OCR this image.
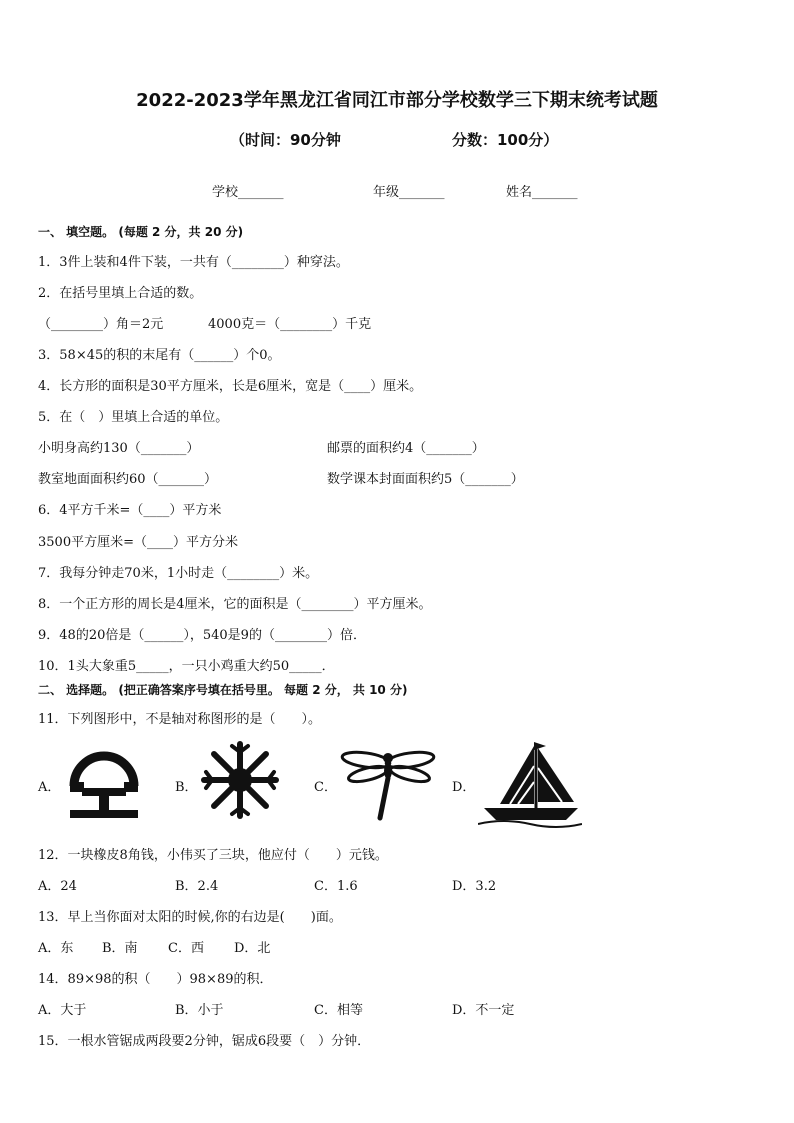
2022-2023学年黑龙江省同江市部分学校数学三下期末统考试题
（时间：90分钟	分数：100分）
学校_______	年级_______	姓名_______
一、 填空题。 (每题 2 分，共 20 分)
1．3件上装和4件下装，一共有（________）种穿法。
2．在括号里填上合适的数。
（________）角＝2元	4000克＝（________）千克
3．58×45的积的末尾有（______）个0。
4．长方形的面积是30平方厘米，长是6厘米，宽是（____）厘米。
5．在（　）里填上合适的单位。
小明身高约130（_______）	邮票的面积约4（_______）
教室地面面积约60（_______）	数学课本封面面积约5（_______）
6．4平方千米=（____）平方米
3500平方厘米=（____）平方分米
7．我每分钟走70米，1小时走（________）米。
8．一个正方形的周长是4厘米，它的面积是（________）平方厘米。
9．48的20倍是（______），540是9的（________）倍．
10．1头大象重5_____，一只小鸡重大约50_____．
二、 选择题。 (把正确答案序号填在括号里。 每题 2 分， 共 10 分)
11．下列图形中，不是轴对称图形的是（　　）。
A．	B．	C．	D．
12．一块橡皮8角钱，小伟买了三块，他应付（　　）元钱。
A．24	B．2.4	C．1.6	D．3.2
13．早上当你面对太阳的时候,你的右边是(　　)面。
A．东 B．南 C．西 D．北
14．89×98的积（　　）98×89的积．
A．大于	B．小于	C．相等	D．不一定
15．一根水管锯成两段要2分钟，锯成6段要（　）分钟．
